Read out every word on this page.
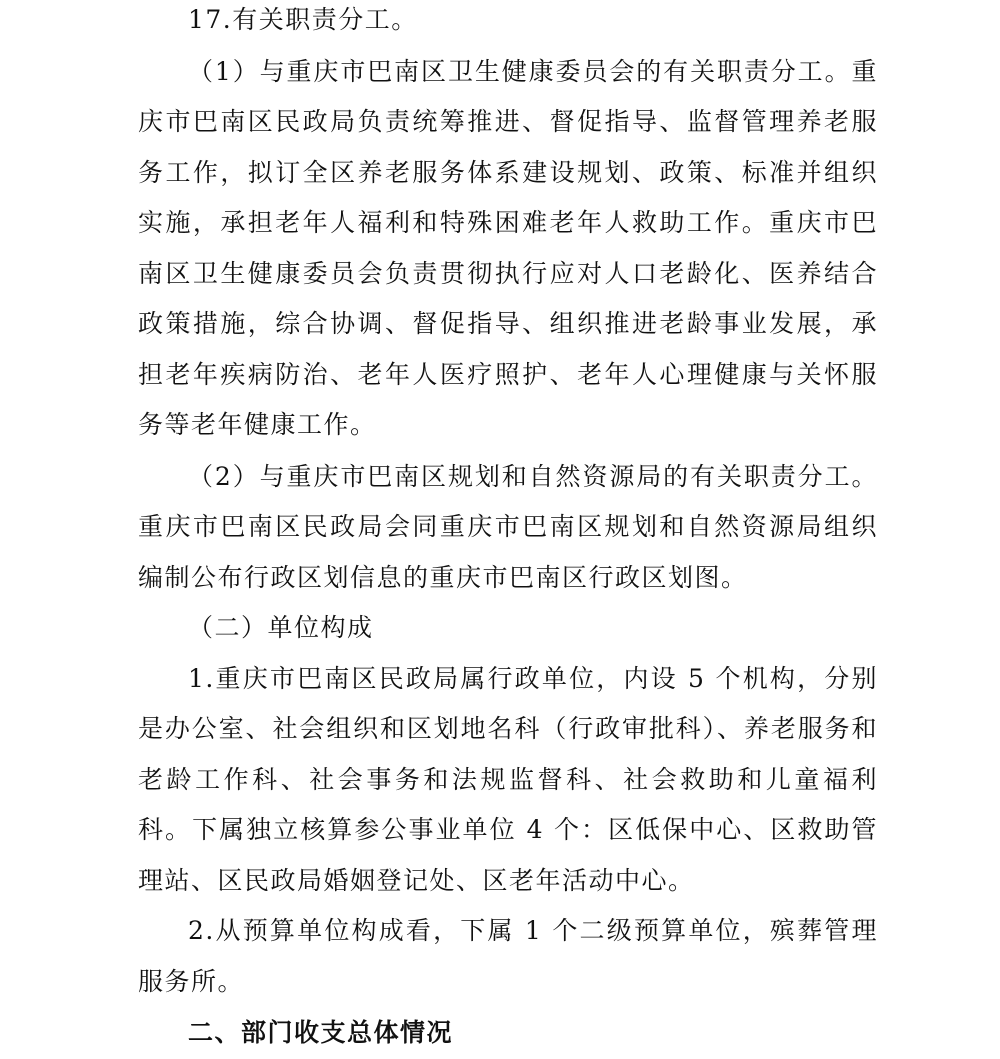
17.有关职责分工。

（1）与重庆市巴南区卫生健康委员会的有关职责分工。重庆市巴南区民政局负责统筹推进、督促指导、监督管理养老服务工作，拟订全区养老服务体系建设规划、政策、标准并组织实施，承担老年人福利和特殊困难老年人救助工作。重庆市巴南区卫生健康委员会负责贯彻执行应对人口老龄化、医养结合政策措施，综合协调、督促指导、组织推进老龄事业发展，承担老年疾病防治、老年人医疗照护、老年人心理健康与关怀服务等老年健康工作。

（2）与重庆市巴南区规划和自然资源局的有关职责分工。重庆市巴南区民政局会同重庆市巴南区规划和自然资源局组织编制公布行政区划信息的重庆市巴南区行政区划图。

（二）单位构成

1.重庆市巴南区民政局属行政单位，内设 5 个机构，分别是办公室、社会组织和区划地名科（行政审批科）、养老服务和老龄工作科、社会事务和法规监督科、社会救助和儿童福利科。下属独立核算参公事业单位 4 个：区低保中心、区救助管理站、区民政局婚姻登记处、区老年活动中心。

2.从预算单位构成看，下属 1 个二级预算单位，殡葬管理服务所。

二、部门收支总体情况
